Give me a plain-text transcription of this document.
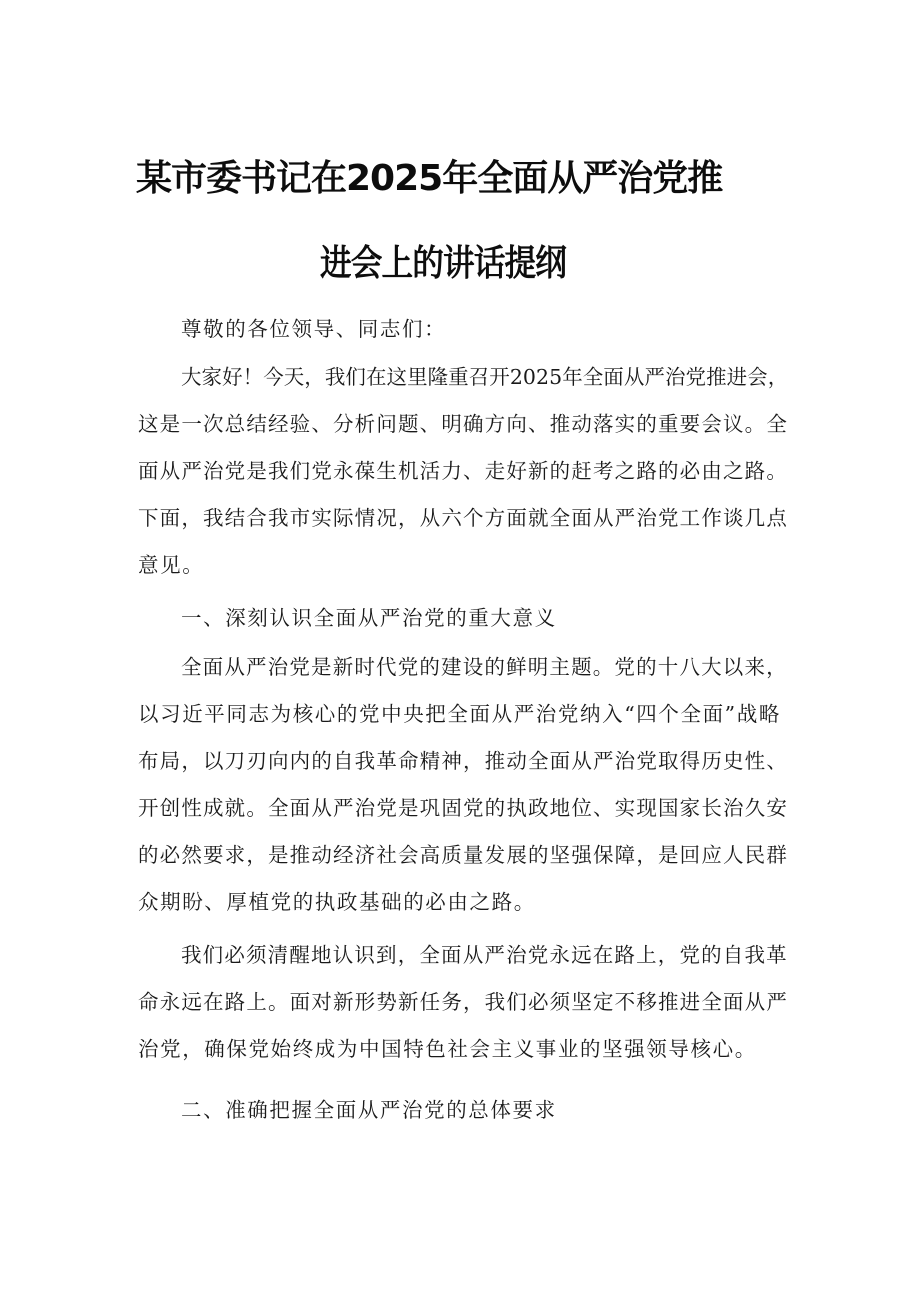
某市委书记在2025年全面从严治党推
进会上的讲话提纲
尊敬的各位领导、同志们：
大家好！今天，我们在这里隆重召开2025年全面从严治党推进会，
这是一次总结经验、分析问题、明确方向、推动落实的重要会议。全
面从严治党是我们党永葆生机活力、走好新的赶考之路的必由之路。
下面，我结合我市实际情况，从六个方面就全面从严治党工作谈几点
意见。
一、深刻认识全面从严治党的重大意义
全面从严治党是新时代党的建设的鲜明主题。党的十八大以来，
以习近平同志为核心的党中央把全面从严治党纳入“四个全面”战略
布局，以刀刃向内的自我革命精神，推动全面从严治党取得历史性、
开创性成就。全面从严治党是巩固党的执政地位、实现国家长治久安
的必然要求，是推动经济社会高质量发展的坚强保障，是回应人民群
众期盼、厚植党的执政基础的必由之路。
我们必须清醒地认识到，全面从严治党永远在路上，党的自我革
命永远在路上。面对新形势新任务，我们必须坚定不移推进全面从严
治党，确保党始终成为中国特色社会主义事业的坚强领导核心。
二、准确把握全面从严治党的总体要求
